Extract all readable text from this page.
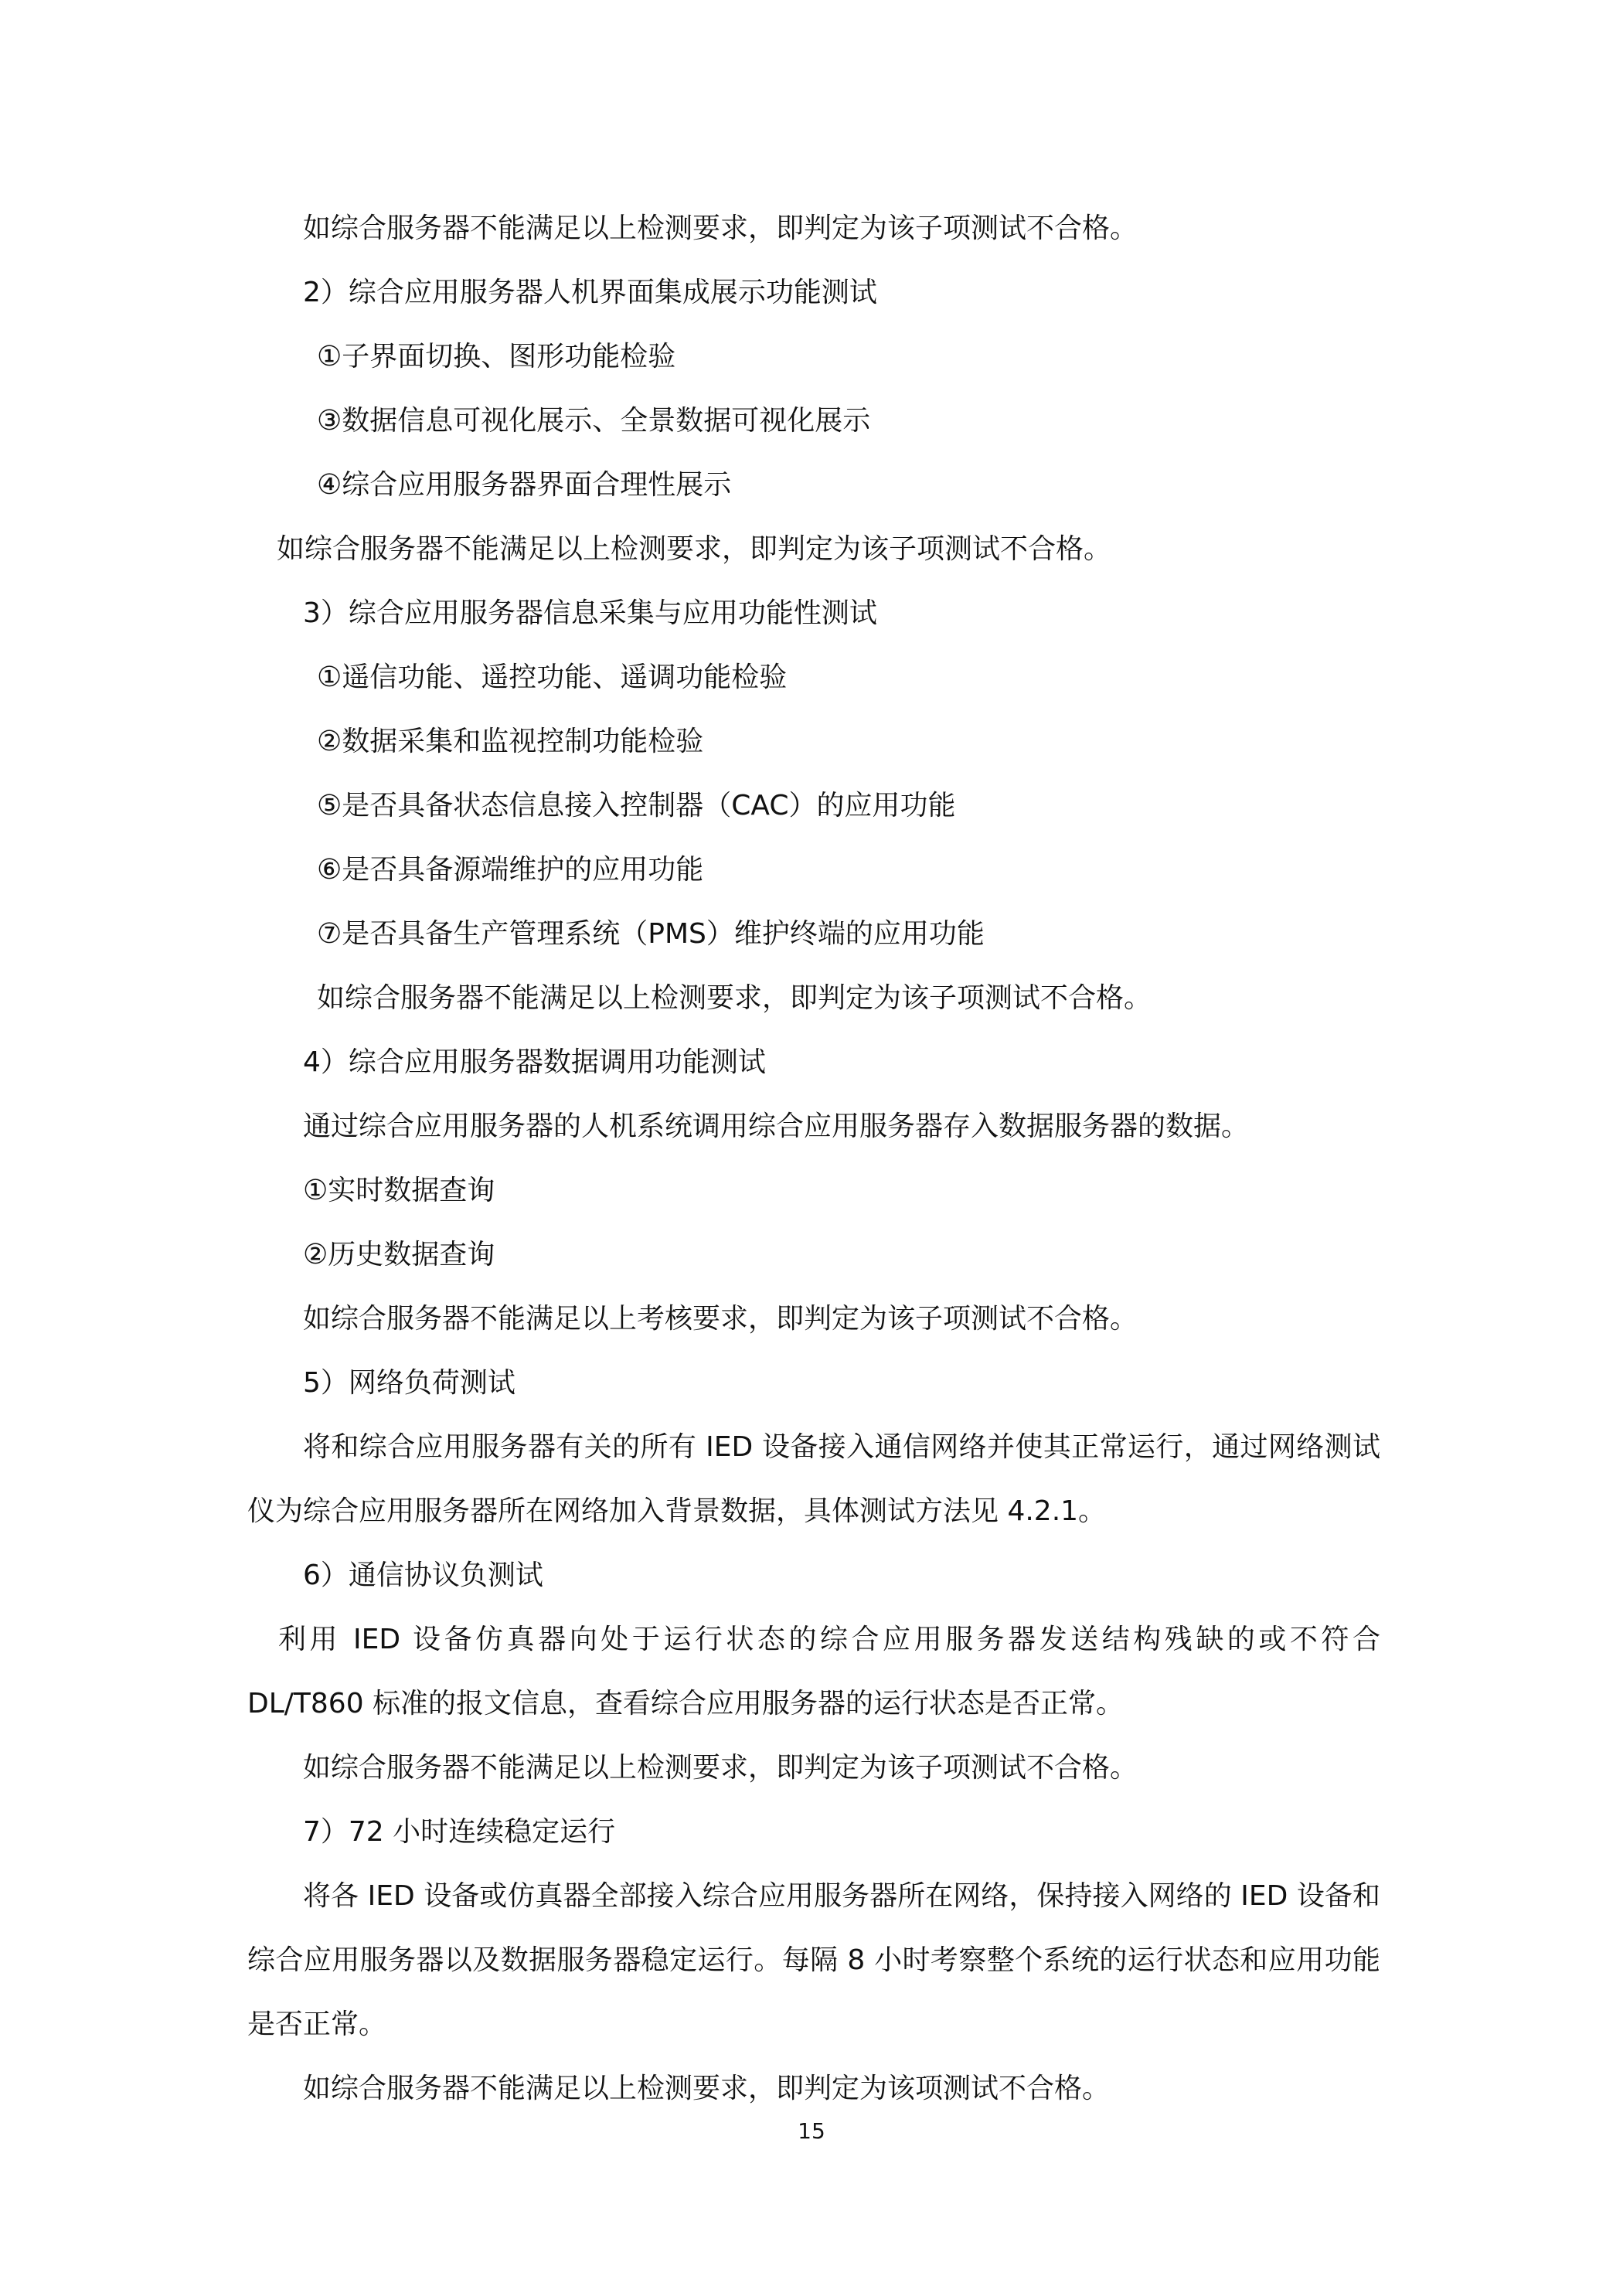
如综合服务器不能满足以上检测要求，即判定为该子项测试不合格。
2）综合应用服务器人机界面集成展示功能测试
①子界面切换、图形功能检验
③数据信息可视化展示、全景数据可视化展示
④综合应用服务器界面合理性展示
如综合服务器不能满足以上检测要求，即判定为该子项测试不合格。
3）综合应用服务器信息采集与应用功能性测试
①遥信功能、遥控功能、遥调功能检验
②数据采集和监视控制功能检验
⑤是否具备状态信息接入控制器（CAC）的应用功能
⑥是否具备源端维护的应用功能
⑦是否具备生产管理系统（PMS）维护终端的应用功能
如综合服务器不能满足以上检测要求，即判定为该子项测试不合格。
4）综合应用服务器数据调用功能测试
通过综合应用服务器的人机系统调用综合应用服务器存入数据服务器的数据。
①实时数据查询
②历史数据查询
如综合服务器不能满足以上考核要求，即判定为该子项测试不合格。
5）网络负荷测试
将和综合应用服务器有关的所有 IED 设备接入通信网络并使其正常运行，通过网络测试
仪为综合应用服务器所在网络加入背景数据，具体测试方法见 4.2.1。
6）通信协议负测试
利用 IED 设备仿真器向处于运行状态的综合应用服务器发送结构残缺的或不符合
DL/T860 标准的报文信息，查看综合应用服务器的运行状态是否正常。
如综合服务器不能满足以上检测要求，即判定为该子项测试不合格。
7）72 小时连续稳定运行
将各 IED 设备或仿真器全部接入综合应用服务器所在网络，保持接入网络的 IED 设备和
综合应用服务器以及数据服务器稳定运行。每隔 8 小时考察整个系统的运行状态和应用功能
是否正常。
如综合服务器不能满足以上检测要求，即判定为该项测试不合格。
15
